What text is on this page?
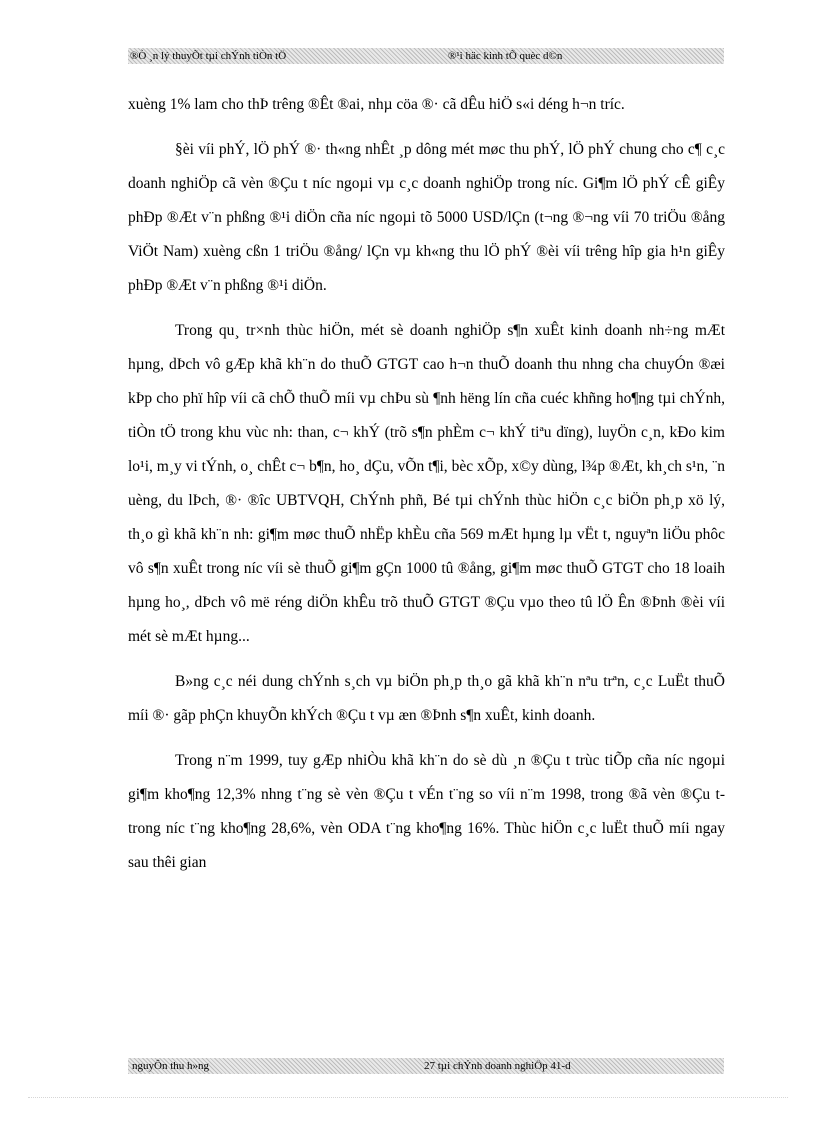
®Ò ¸n lý thuyÕt tµi chÝnh tiÒn tÖ	®¹i häc kinh tÕ quèc d©n

xuèng 1% lam cho thÞ trêng ®Êt ®ai, nhµ cöa ®· cã dÊu hiÖ s«i déng h¬n tríc.

§èi víi phÝ, lÖ phÝ ®· th«ng nhÊt ¸p dông mét møc thu phÝ, lÖ phÝ chung cho c¶ c¸c doanh nghiÖp cã vèn ®Çu t níc ngoµi vµ c¸c doanh nghiÖp trong níc. Gi¶m lÖ phÝ cÊ giÊy phÐp ®Æt v¨n phßng ®¹i diÖn cña níc ngoµi tõ 5000 USD/lÇn (t¬ng ®¬ng víi 70 triÖu ®ång ViÖt Nam) xuèng cßn 1 triÖu ®ång/ lÇn vµ kh«ng thu lÖ phÝ ®èi víi trêng hîp gia h¹n giÊy phÐp ®Æt v¨n phßng ®¹i diÖn.

Trong qu¸ tr×nh thùc hiÖn, mét sè doanh nghiÖp s¶n xuÊt kinh doanh nh÷ng mÆt hµng, dÞch vô gÆp khã kh¨n do thuÕ GTGT cao h¬n thuÕ doanh thu nhng cha chuyÓn ®æi kÞp cho phï hîp víi cã chÕ thuÕ míi vµ chÞu sù ¶nh hëng lín cña cuéc khñng ho¶ng tµi chÝnh, tiÒn tÖ trong khu vùc nh: than, c¬ khÝ (trõ s¶n phÈm c¬ khÝ tiªu dïng), luyÖn c¸n, kÐo kim lo¹i, m¸y vi tÝnh, o¸ chÊt c¬ b¶n, ho¸ dÇu, vÕn t¶i, bèc xÕp, x©y dùng, l¾p ®Æt, kh¸ch s¹n, ¨n uèng, du lÞch, ®· ®îc UBTVQH, ChÝnh phñ, Bé tµi chÝnh thùc hiÖn c¸c biÖn ph¸p xö lý, th¸o gì khã kh¨n nh: gi¶m møc thuÕ nhËp khÈu cña 569 mÆt hµng lµ vËt t, nguyªn liÖu phôc vô s¶n xuÊt trong níc víi sè thuÕ gi¶m gÇn 1000 tû ®ång, gi¶m møc thuÕ GTGT cho 18 loaih hµng ho¸, dÞch vô më réng diÖn khÊu trõ thuÕ GTGT ®Çu vµo theo tû lÖ Ên ®Þnh ®èi víi mét sè mÆt hµng...

B»ng c¸c néi dung chÝnh s¸ch vµ biÖn ph¸p th¸o gã khã kh¨n nªu trªn, c¸c LuËt thuÕ míi ®· gãp phÇn khuyÕn khÝch ®Çu t vµ æn ®Þnh s¶n xuÊt, kinh doanh.

Trong n¨m 1999, tuy gÆp nhiÒu khã kh¨n do sè dù ¸n ®Çu t trùc tiÕp cña níc ngoµi gi¶m kho¶ng 12,3% nhng t¨ng sè vèn ®Çu t vÉn t¨ng so víi n¨m 1998, trong ®ã vèn ®Çu t trong níc t¨ng kho¶ng 28,6%, vèn ODA t¨ng kho¶ng 16%. Thùc hiÖn c¸c luËt thuÕ míi ngay sau thêi gian

nguyÔn thu h»ng	27 tµi chÝnh doanh nghiÖp 41-d
